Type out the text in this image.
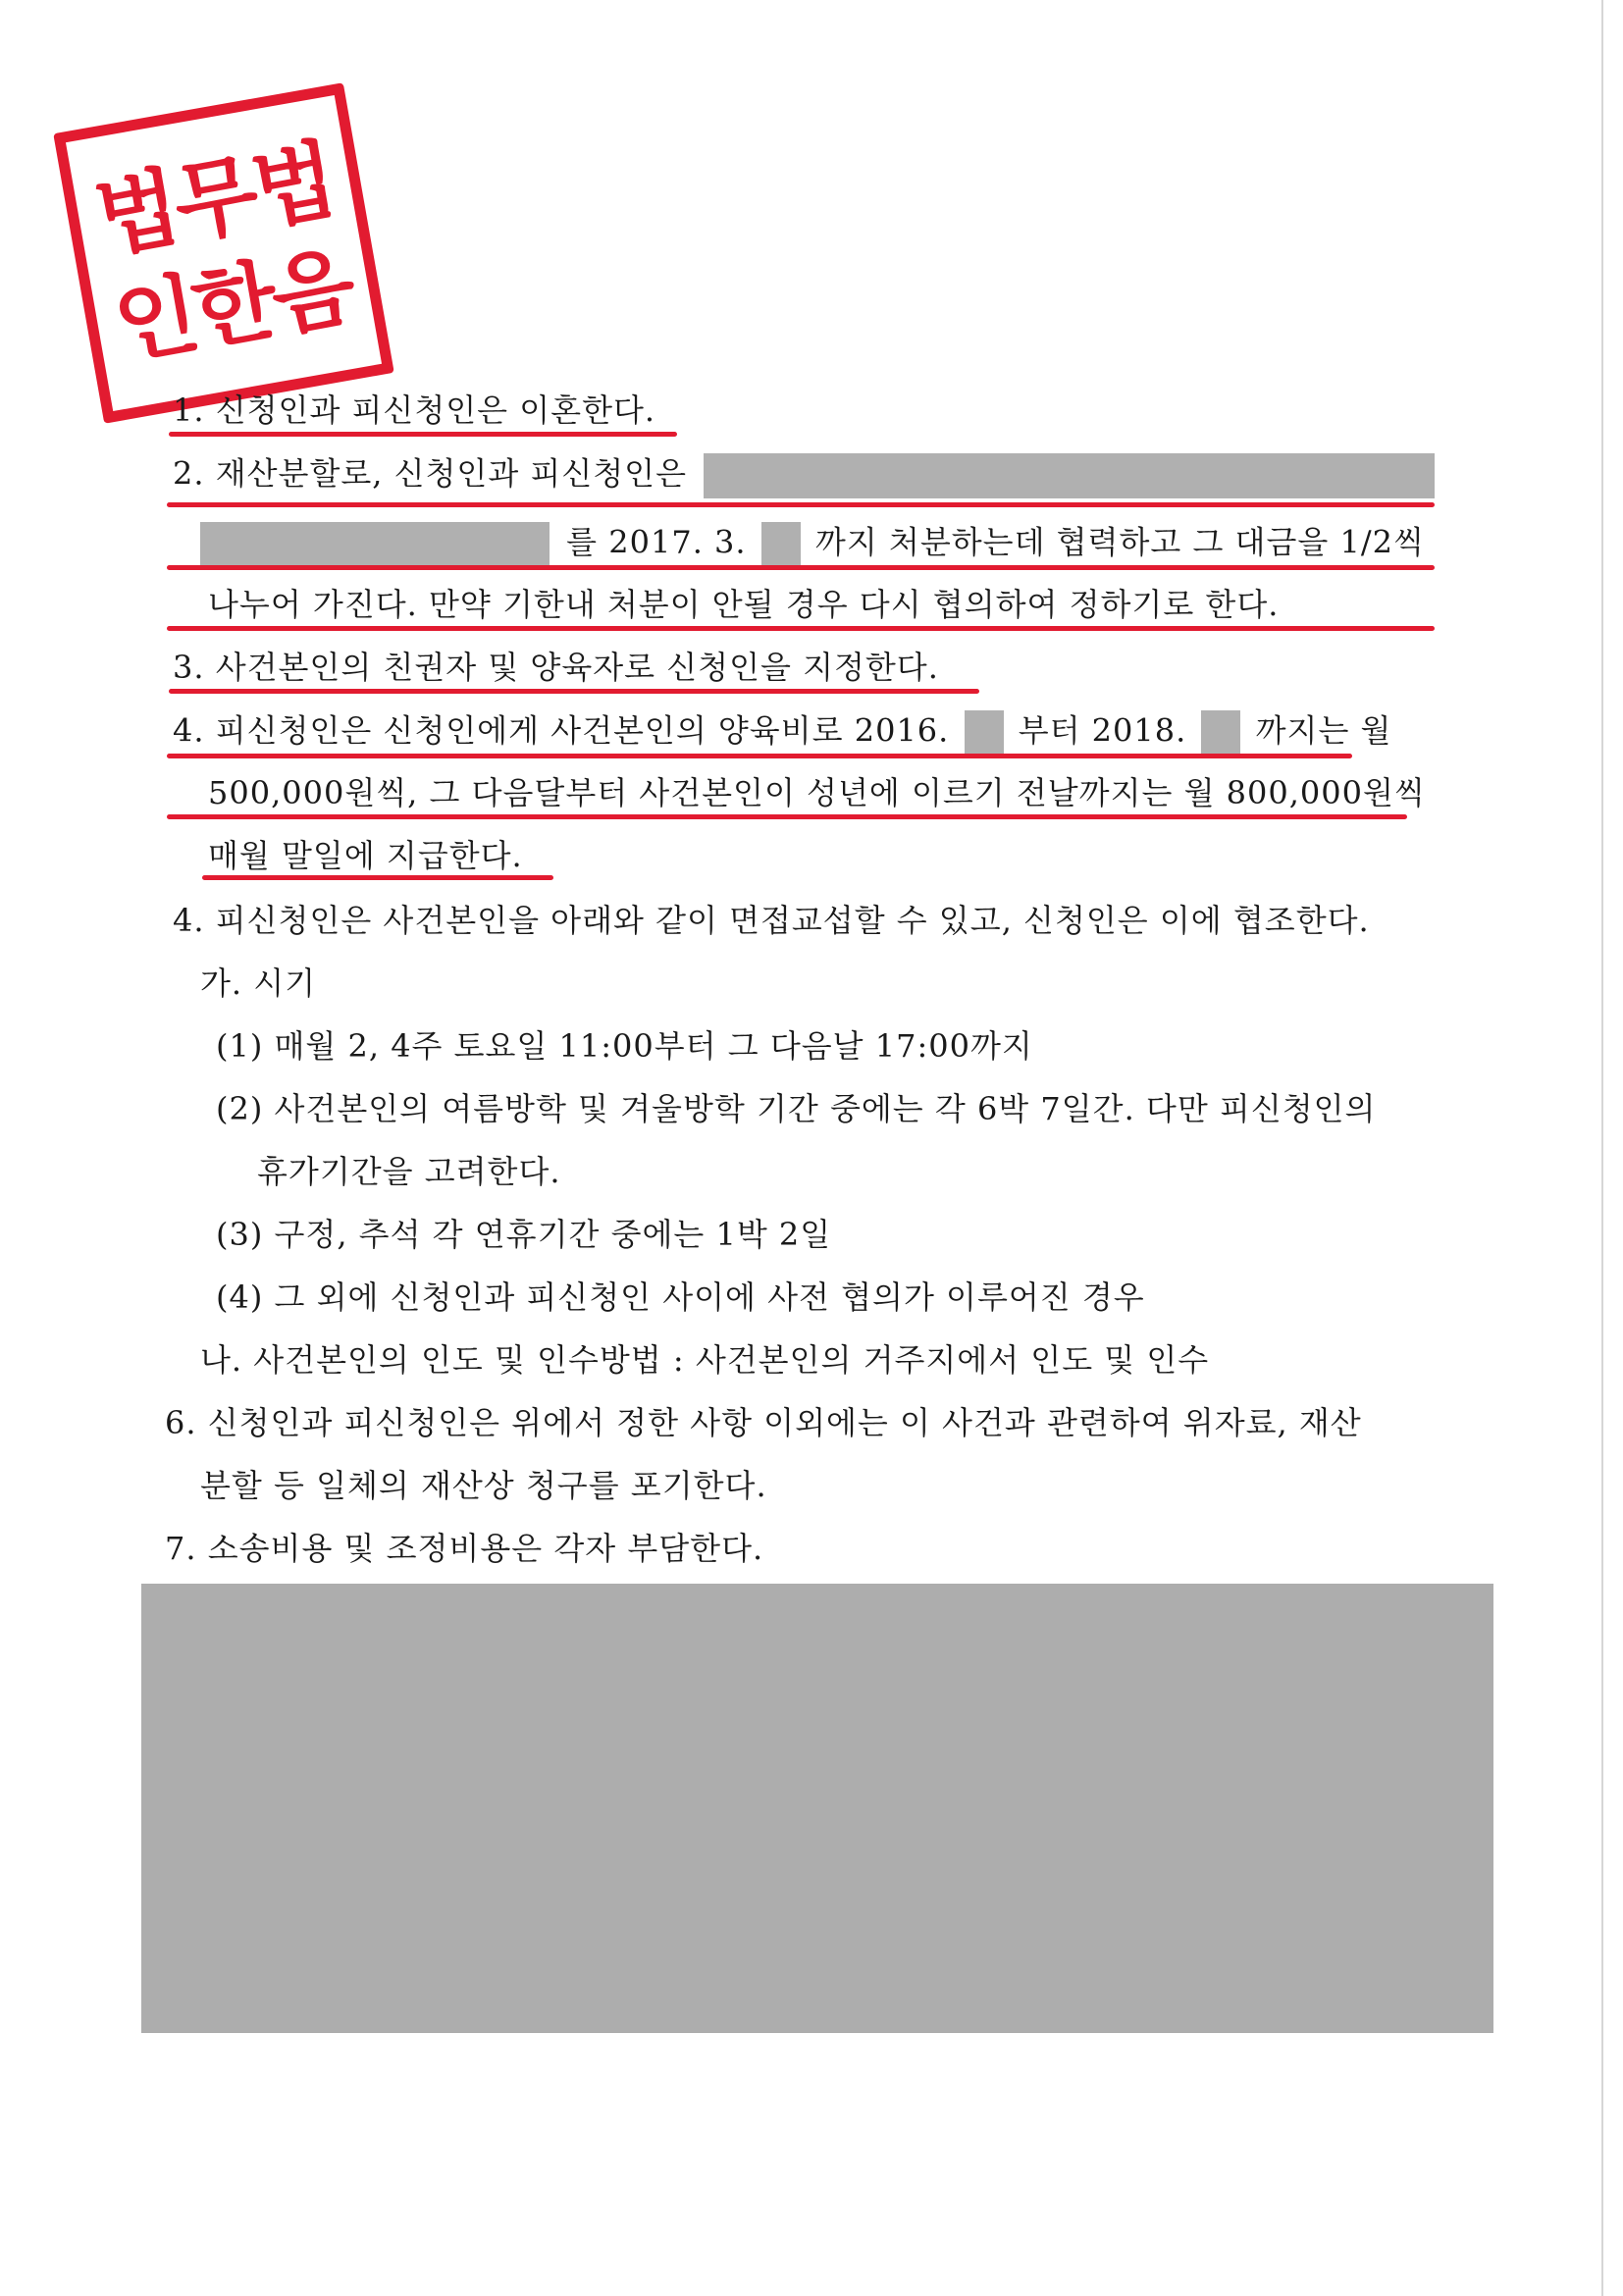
법무법
인한음
1. 신청인과 피신청인은 이혼한다.
2. 재산분할로, 신청인과 피신청인은
를 2017. 3. 까지 처분하는데 협력하고 그 대금을 1/2씩
나누어 가진다. 만약 기한내 처분이 안될 경우 다시 협의하여 정하기로 한다.
3. 사건본인의 친권자 및 양육자로 신청인을 지정한다.
4. 피신청인은 신청인에게 사건본인의 양육비로 2016. 부터 2018. 까지는 월
500,000원씩, 그 다음달부터 사건본인이 성년에 이르기 전날까지는 월 800,000원씩
매월 말일에 지급한다.
4. 피신청인은 사건본인을 아래와 같이 면접교섭할 수 있고, 신청인은 이에 협조한다.
가. 시기
(1) 매월 2, 4주 토요일 11:00부터 그 다음날 17:00까지
(2) 사건본인의 여름방학 및 겨울방학 기간 중에는 각 6박 7일간. 다만 피신청인의
휴가기간을 고려한다.
(3) 구정, 추석 각 연휴기간 중에는 1박 2일
(4) 그 외에 신청인과 피신청인 사이에 사전 협의가 이루어진 경우
나. 사건본인의 인도 및 인수방법 : 사건본인의 거주지에서 인도 및 인수
6. 신청인과 피신청인은 위에서 정한 사항 이외에는 이 사건과 관련하여 위자료, 재산
분할 등 일체의 재산상 청구를 포기한다.
7. 소송비용 및 조정비용은 각자 부담한다.
